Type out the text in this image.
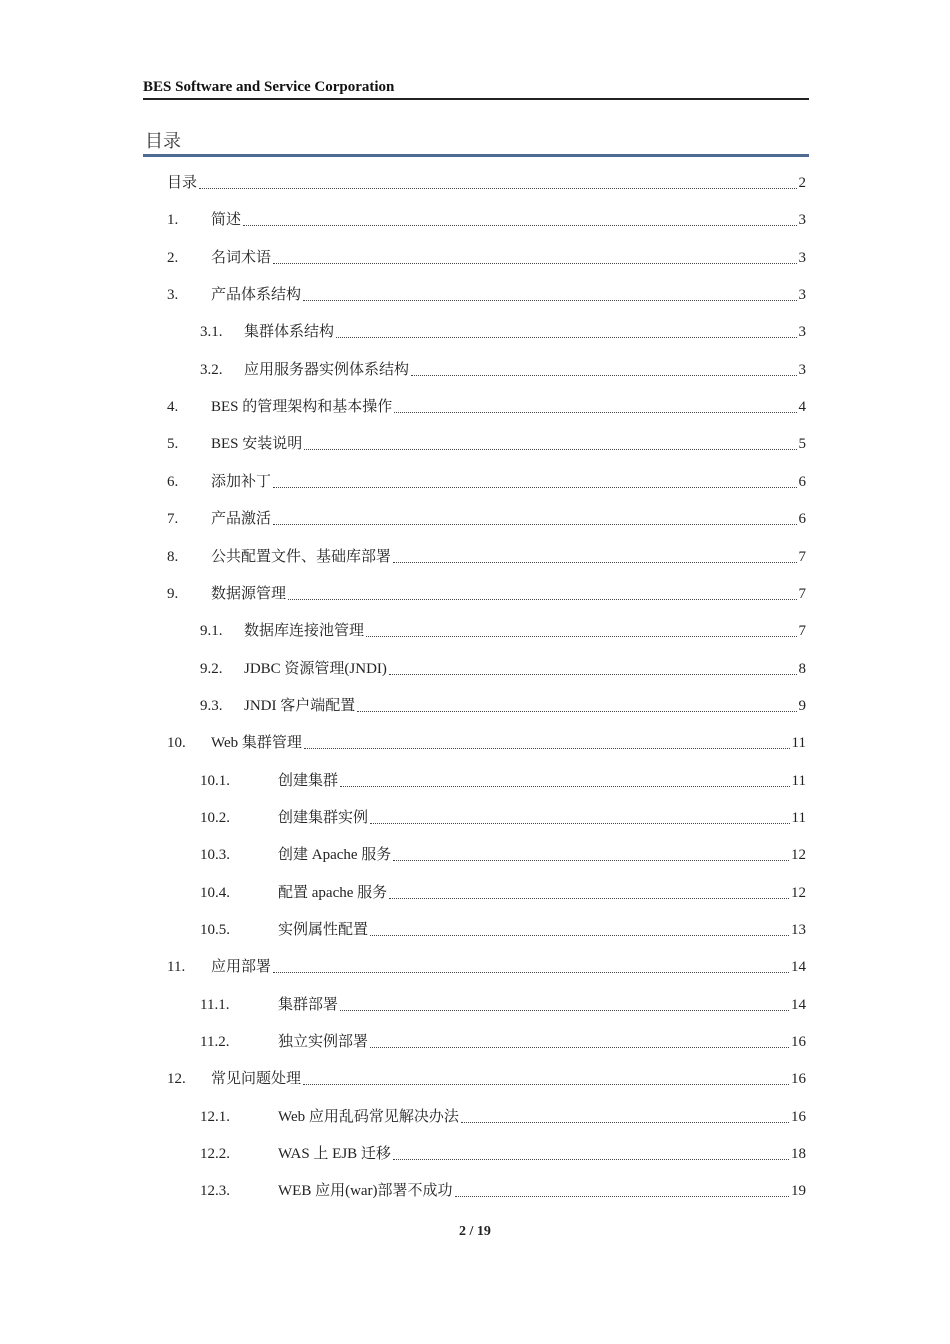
BES Software and Service Corporation
目录
目录	2
1.	简述	3
2.	名词术语	3
3.	产品体系结构	3
3.1.	集群体系结构	3
3.2.	应用服务器实例体系结构	3
4.	BES 的管理架构和基本操作	4
5.	BES 安装说明	5
6.	添加补丁	6
7.	产品激活	6
8.	公共配置文件、基础库部署	7
9.	数据源管理	7
9.1.	数据库连接池管理	7
9.2.	JDBC 资源管理(JNDI)	8
9.3.	JNDI 客户端配置	9
10.	Web 集群管理	11
10.1.	创建集群	11
10.2.	创建集群实例	11
10.3.	创建 Apache 服务	12
10.4.	配置 apache 服务	12
10.5.	实例属性配置	13
11.	应用部署	14
11.1.	集群部署	14
11.2.	独立实例部署	16
12.	常见问题处理	16
12.1.	Web 应用乱码常见解决办法	16
12.2.	WAS 上 EJB 迁移	18
12.3.	WEB 应用(war)部署不成功	19
2 / 19
